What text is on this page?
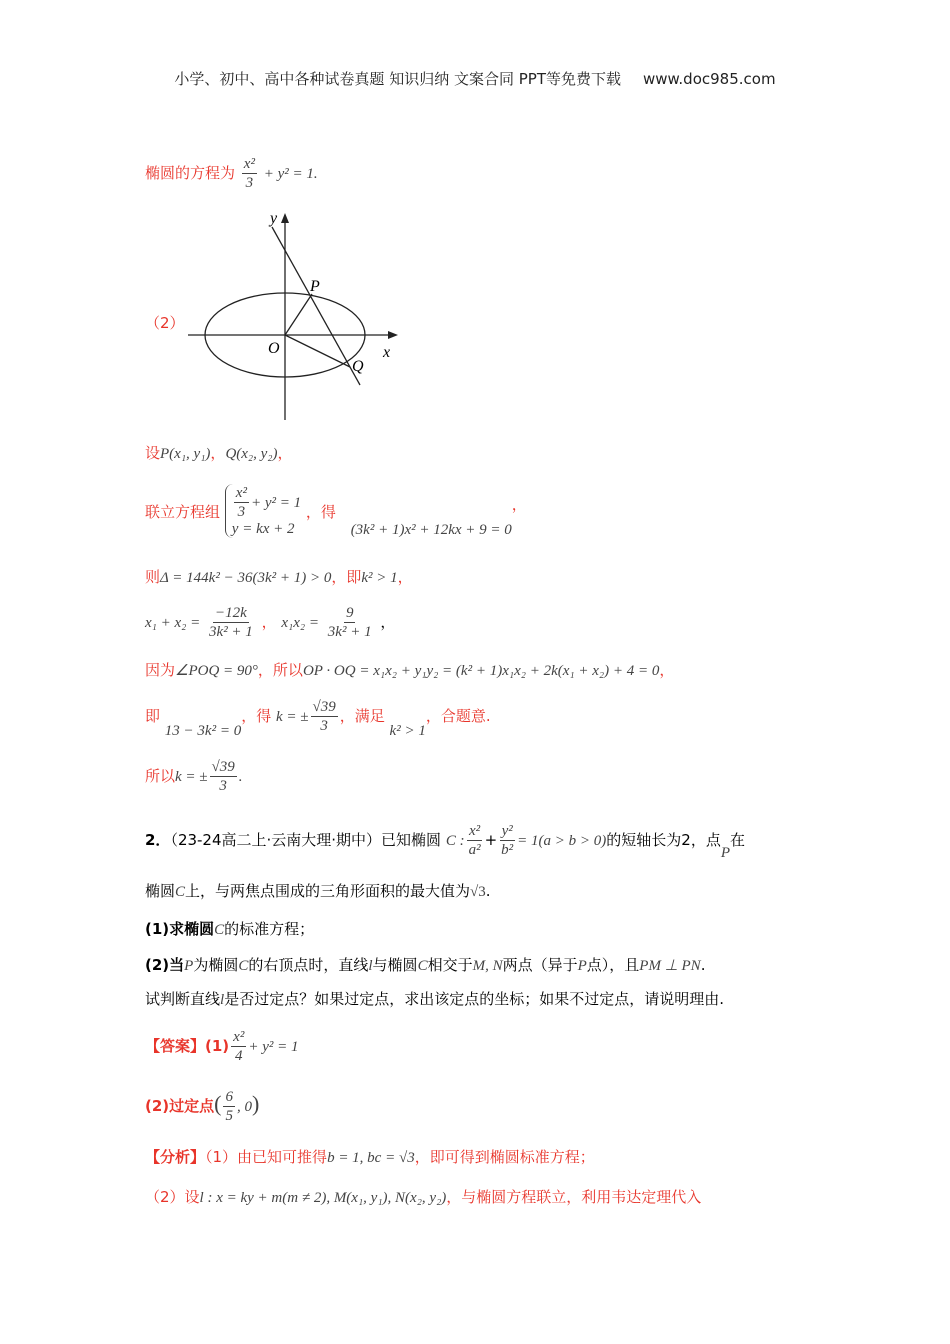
小学、初中、高中各种试卷真题 知识归纳 文案合同 PPT等免费下载 www.doc985.com
椭圆的方程为 $\frac{\text{x²}}{3} + y^2 = 1$.
（2）
y
x
O
P
Q
设P(x₁, y₁)，Q(x₂, y₂)，
联立方程组 $\frac{\text{x²}}{3} + y^2 = 1$
y = kx + 2
，得 (3k² + 1)x² + 12kx + 9 = 0，
则Δ = 144k² − 36(3k² + 1) > 0，即k² > 1，
$x_1 + x_2 = \frac{-12k}{\text{3k² + 1}}$ ， $x_1x_2 = \frac{9}{\text{3k² + 1}}$ ，
因为∠POQ = 90°，所以OP · OQ = x₁x₂ + y₁y₂ = (k² + 1)x₁x₂ + 2k(x₁ + x₂) + 4 = 0，
即 13 − 3k² = 0，得 k = ± $\frac{√39}{3}$ ，满足 k² > 1，合题意.
所以k = ± $\frac{√39}{3}$ .
2．（23-24高二上·云南大理·期中）已知椭圆 C : $\frac{\text{x²}}{\text{a²}} + \frac{\text{y²}}{\text{b²}} = 1(a > b > 0)$的短轴长为2，点P在
椭圆C上，与两焦点围成的三角形面积的最大值为√3.
(1)求椭圆C的标准方程；
(2)当P为椭圆C的右顶点时，直线l与椭圆C相交于M, N两点（异于P点），且PM ⊥ PN.
试判断直线l是否过定点？如果过定点，求出该定点的坐标；如果不过定点，请说明理由.
【答案】$(1) \frac{\text{x²}}{4} + y^2 = 1$
(2)过定点( $\frac{6}{5}$ , 0)
【分析】（1）由已知可推得b = 1, bc = √3，即可得到椭圆标准方程；
（2）设l : x = ky + m(m ≠ 2), M(x₁, y₁), N(x₂, y₂)，与椭圆方程联立，利用韦达定理代入
